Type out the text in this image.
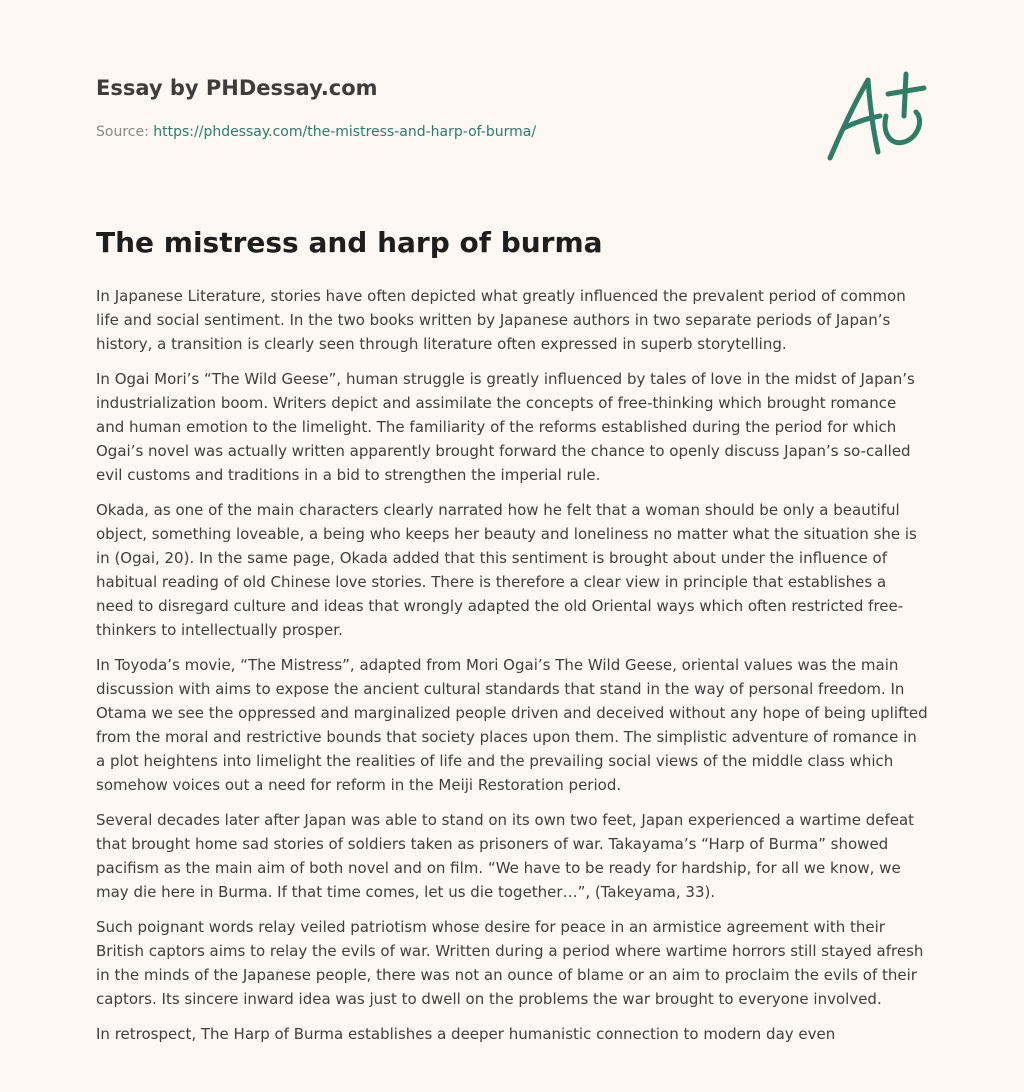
Essay by PHDessay.com
Source: https://phdessay.com/the-mistress-and-harp-of-burma/
The mistress and harp of burma

In Japanese Literature, stories have often depicted what greatly influenced the prevalent period of common life and social sentiment. In the two books written by Japanese authors in two separate periods of Japan’s history, a transition is clearly seen through literature often expressed in superb storytelling.

In Ogai Mori’s “The Wild Geese”, human struggle is greatly influenced by tales of love in the midst of Japan’s industrialization boom. Writers depict and assimilate the concepts of free-thinking which brought romance and human emotion to the limelight. The familiarity of the reforms established during the period for which Ogai’s novel was actually written apparently brought forward the chance to openly discuss Japan’s so-called evil customs and traditions in a bid to strengthen the imperial rule.

Okada, as one of the main characters clearly narrated how he felt that a woman should be only a beautiful object, something loveable, a being who keeps her beauty and loneliness no matter what the situation she is in (Ogai, 20). In the same page, Okada added that this sentiment is brought about under the influence of habitual reading of old Chinese love stories. There is therefore a clear view in principle that establishes a need to disregard culture and ideas that wrongly adapted the old Oriental ways which often restricted free-thinkers to intellectually prosper.

In Toyoda’s movie, “The Mistress”, adapted from Mori Ogai’s The Wild Geese, oriental values was the main discussion with aims to expose the ancient cultural standards that stand in the way of personal freedom. In Otama we see the oppressed and marginalized people driven and deceived without any hope of being uplifted from the moral and restrictive bounds that society places upon them. The simplistic adventure of romance in a plot heightens into limelight the realities of life and the prevailing social views of the middle class which somehow voices out a need for reform in the Meiji Restoration period.

Several decades later after Japan was able to stand on its own two feet, Japan experienced a wartime defeat that brought home sad stories of soldiers taken as prisoners of war. Takayama’s “Harp of Burma” showed pacifism as the main aim of both novel and on film. “We have to be ready for hardship, for all we know, we may die here in Burma. If that time comes, let us die together…”, (Takeyama, 33).

Such poignant words relay veiled patriotism whose desire for peace in an armistice agreement with their British captors aims to relay the evils of war. Written during a period where wartime horrors still stayed afresh in the minds of the Japanese people, there was not an ounce of blame or an aim to proclaim the evils of their captors. Its sincere inward idea was just to dwell on the problems the war brought to everyone involved.

In retrospect, The Harp of Burma establishes a deeper humanistic connection to modern day even
